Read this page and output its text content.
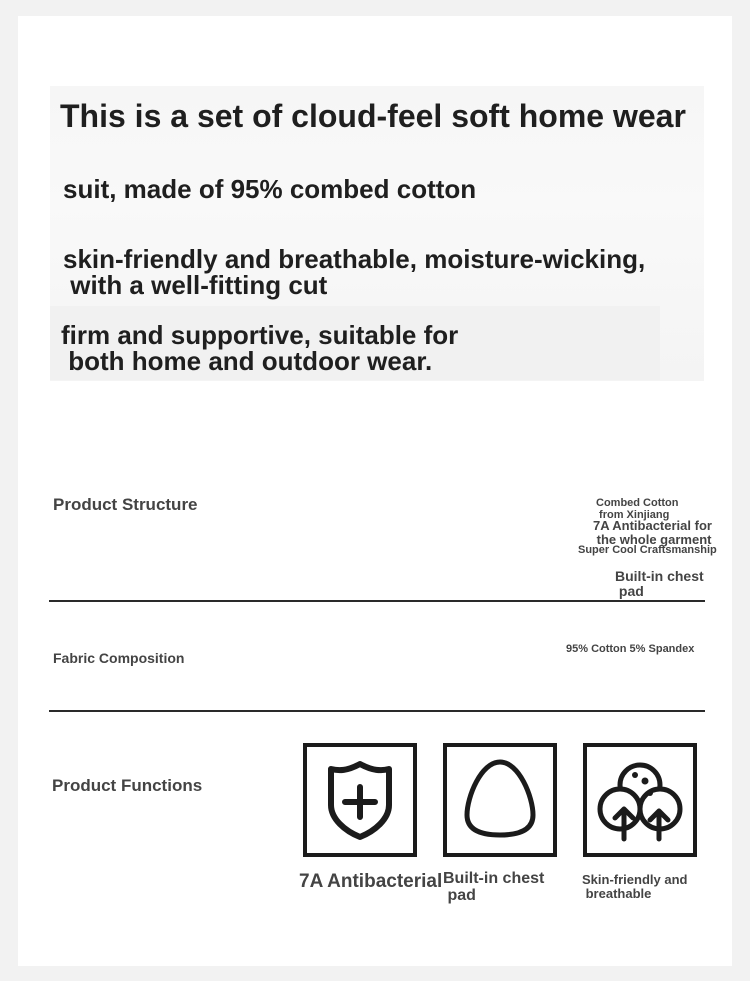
This is a set of cloud-feel soft home wear

suit, made of 95% combed cotton

skin-friendly and breathable, moisture-wicking,
with a well-fitting cut

firm and supportive, suitable for
both home and outdoor wear.

Product Structure	Combed Cotton
from Xinjiang
7A Antibacterial for
the whole garment
Super Cool Craftsmanship
Built-in chest
pad
Fabric Composition
95% Cotton 5% Spandex
Product Functions
7A Antibacterial Built-in chest
pad
Skin-friendly and
breathable
